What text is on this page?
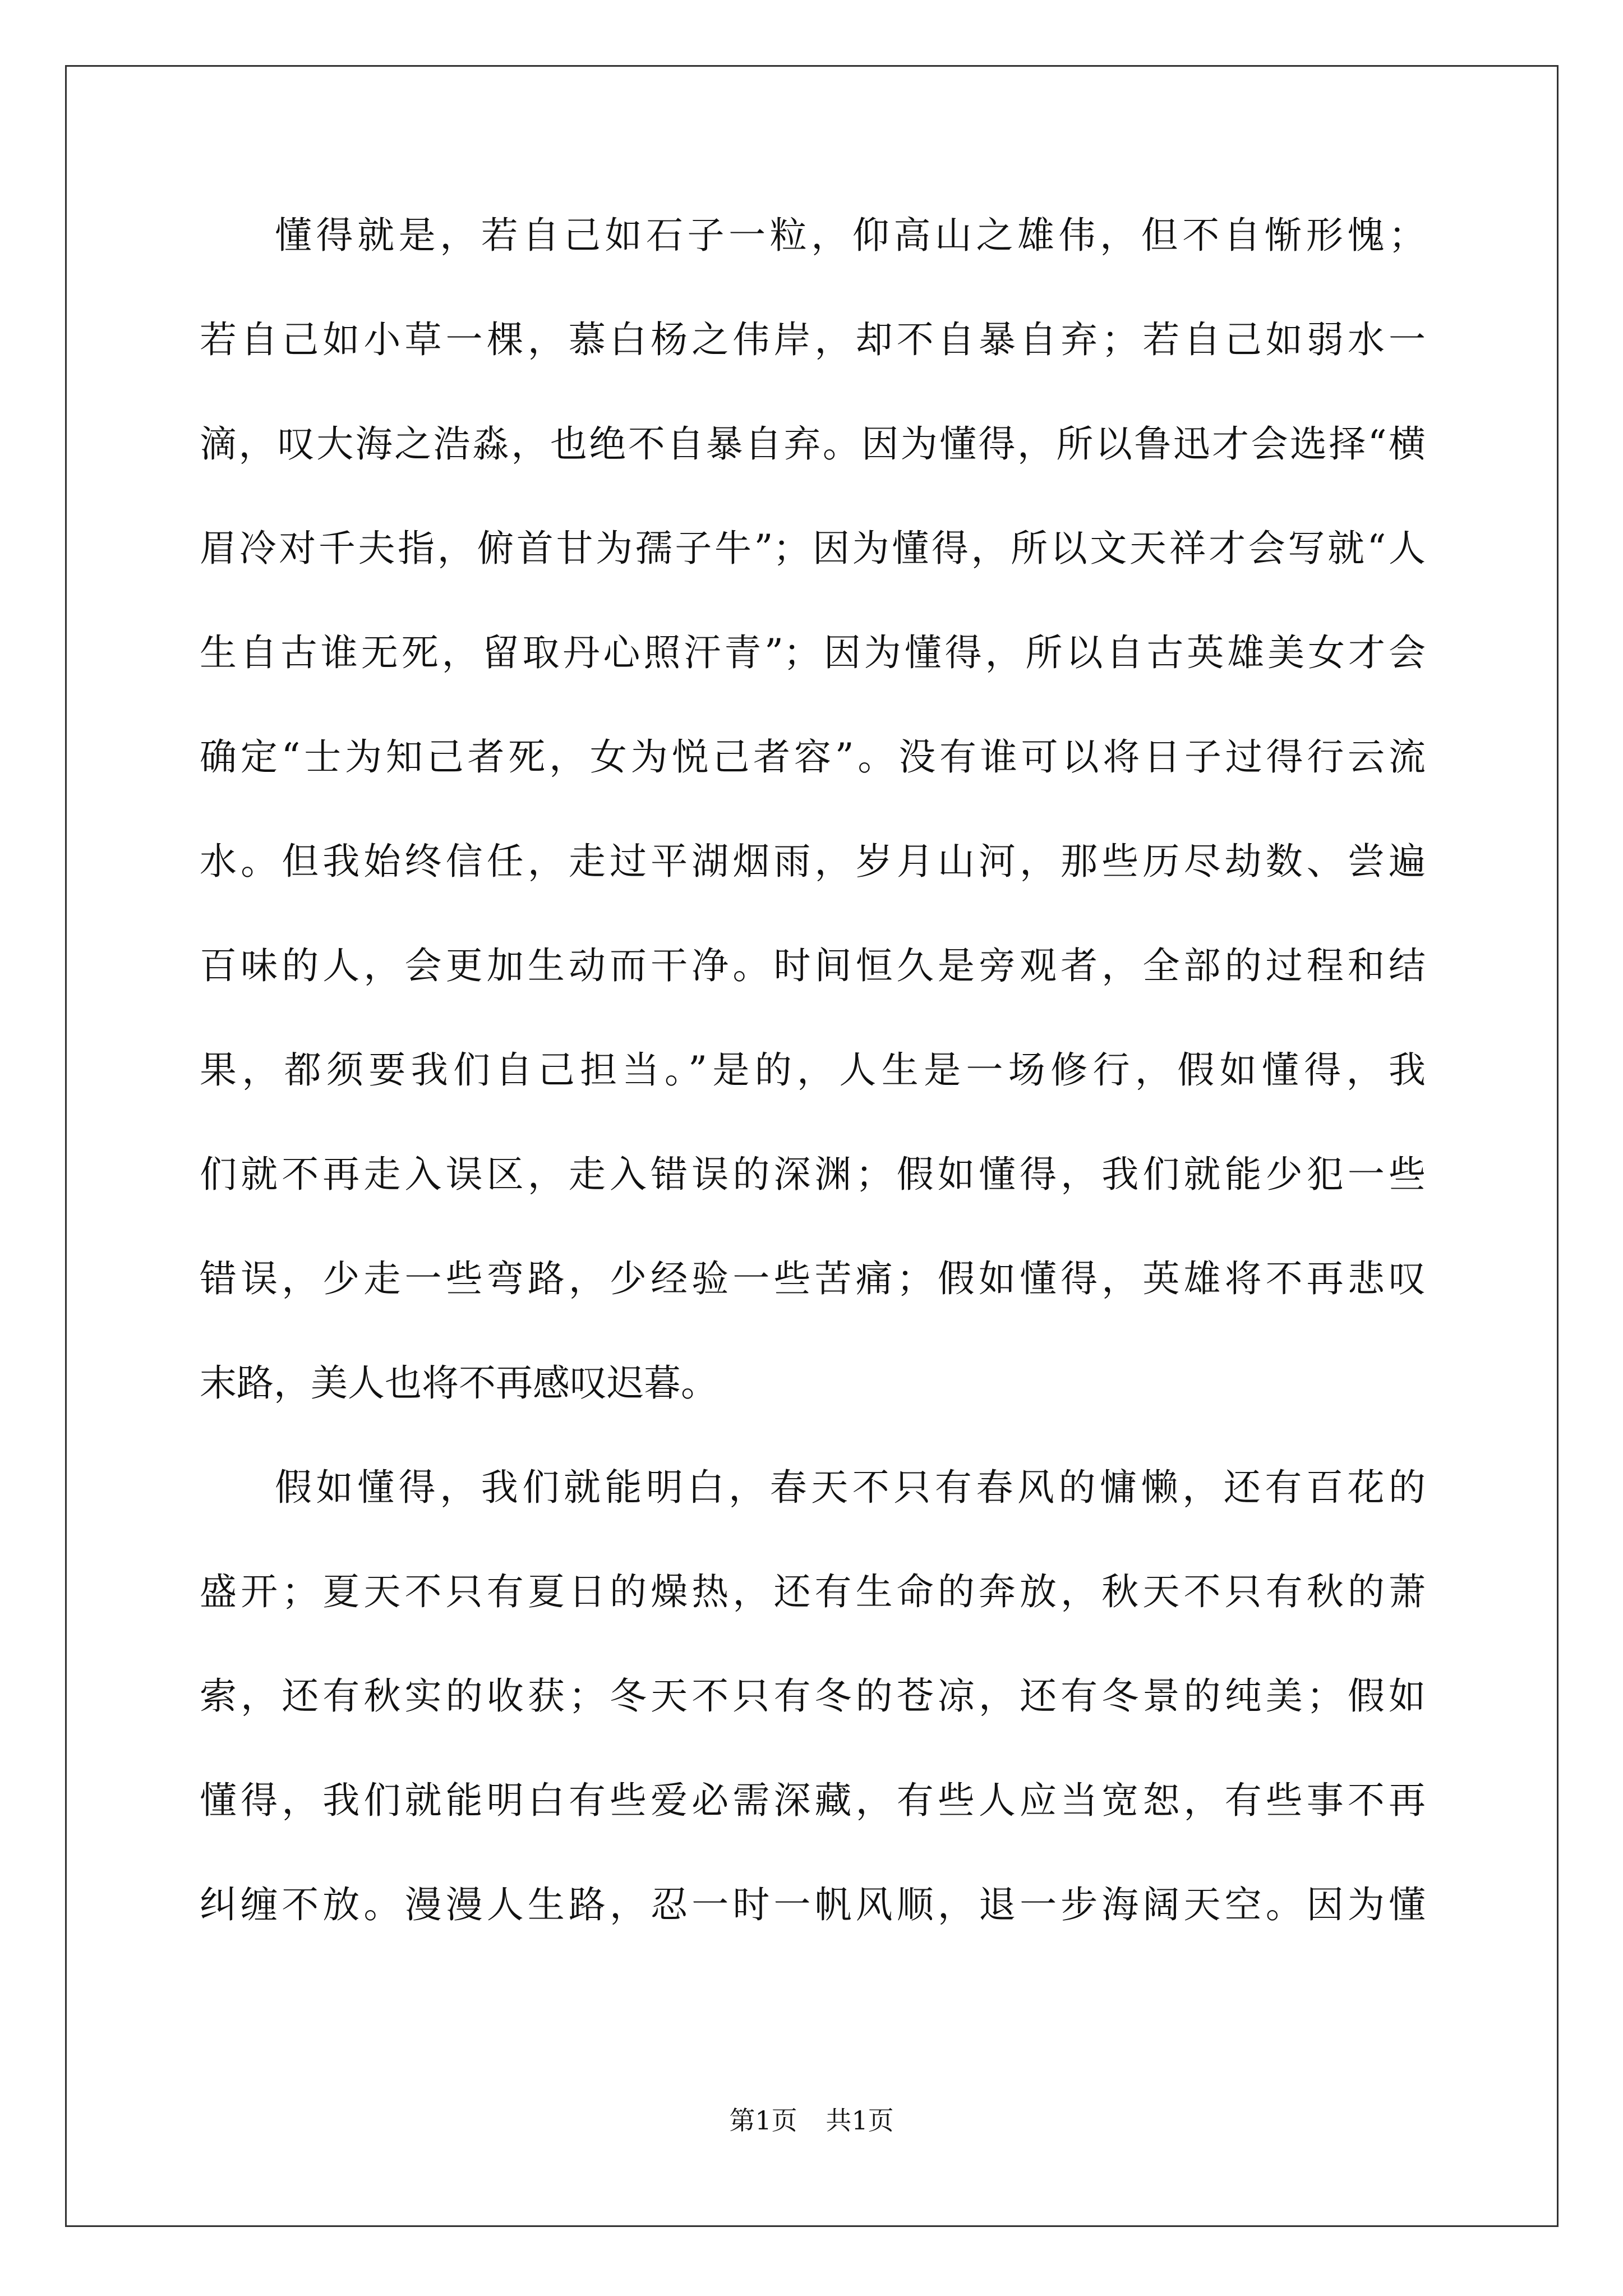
懂得就是，若自己如石子一粒，仰高山之雄伟，但不自惭形愧；
若自己如小草一棵，慕白杨之伟岸，却不自暴自弃；若自己如弱水一
滴，叹大海之浩淼，也绝不自暴自弃。因为懂得，所以鲁迅才会选择“横
眉冷对千夫指，俯首甘为孺子牛”；因为懂得，所以文天祥才会写就“人
生自古谁无死，留取丹心照汗青”；因为懂得，所以自古英雄美女才会
确定“士为知己者死，女为悦己者容”。没有谁可以将日子过得行云流
水。但我始终信任，走过平湖烟雨，岁月山河，那些历尽劫数、尝遍
百味的人，会更加生动而干净。时间恒久是旁观者，全部的过程和结
果，都须要我们自己担当。”是的，人生是一场修行，假如懂得，我
们就不再走入误区，走入错误的深渊；假如懂得，我们就能少犯一些
错误，少走一些弯路，少经验一些苦痛；假如懂得，英雄将不再悲叹
末路，美人也将不再感叹迟暮。
假如懂得，我们就能明白，春天不只有春风的慵懒，还有百花的
盛开；夏天不只有夏日的燥热，还有生命的奔放，秋天不只有秋的萧
索，还有秋实的收获；冬天不只有冬的苍凉，还有冬景的纯美；假如
懂得，我们就能明白有些爱必需深藏，有些人应当宽恕，有些事不再
纠缠不放。漫漫人生路，忍一时一帆风顺，退一步海阔天空。因为懂
第1页 共1页
